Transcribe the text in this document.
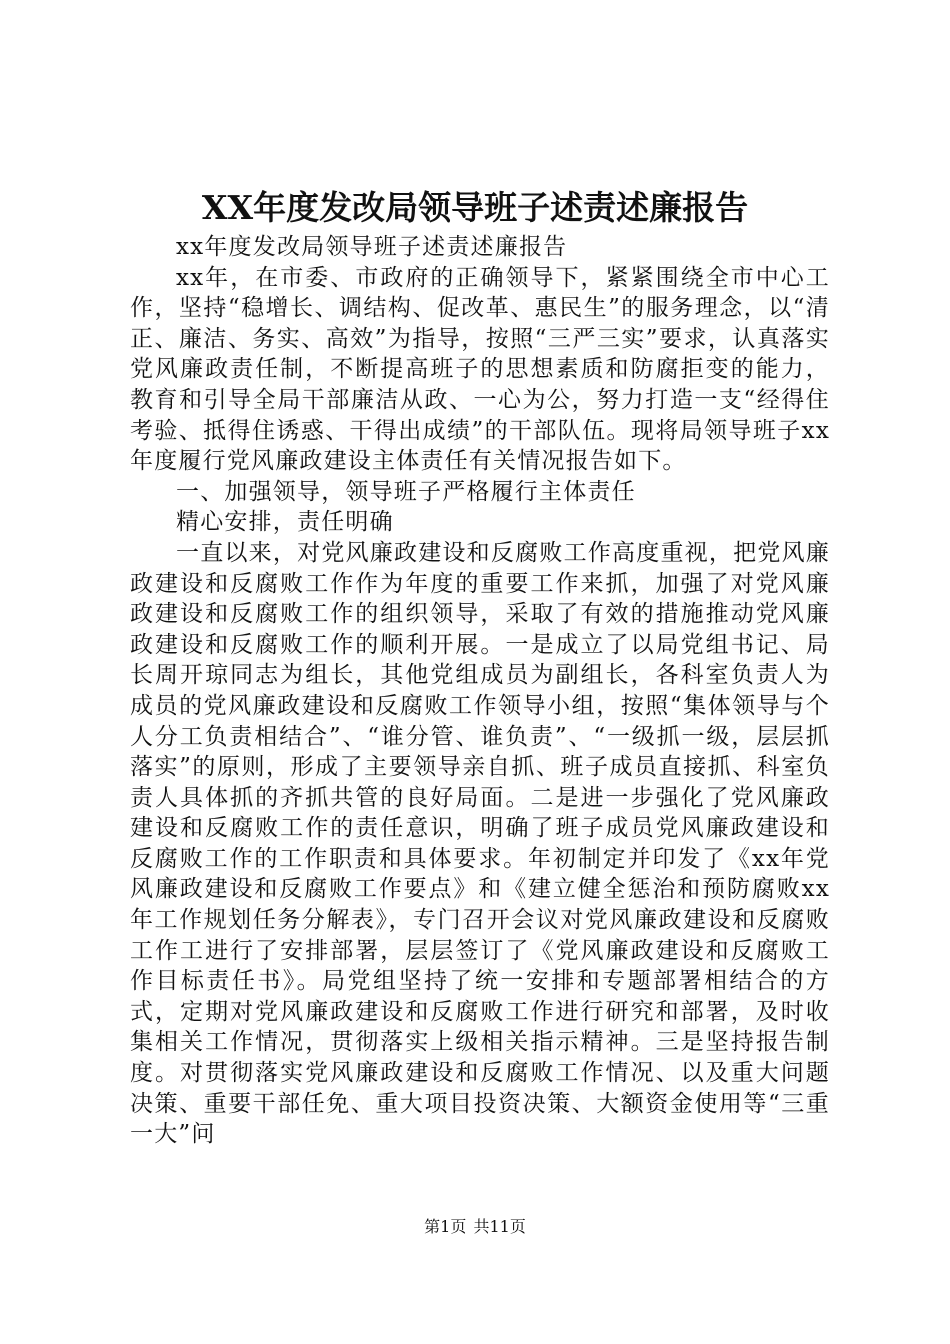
XX年度发改局领导班子述责述廉报告

xx年度发改局领导班子述责述廉报告

xx年，在市委、市政府的正确领导下，紧紧围绕全市中心工作，坚持“稳增长、调结构、促改革、惠民生”的服务理念，以“清正、廉洁、务实、高效”为指导，按照“三严三实”要求，认真落实党风廉政责任制，不断提高班子的思想素质和防腐拒变的能力，教育和引导全局干部廉洁从政、一心为公，努力打造一支“经得住考验、抵得住诱惑、干得出成绩”的干部队伍。现将局领导班子xx年度履行党风廉政建设主体责任有关情况报告如下。

一、加强领导，领导班子严格履行主体责任

精心安排，责任明确

一直以来，对党风廉政建设和反腐败工作高度重视，把党风廉政建设和反腐败工作作为年度的重要工作来抓，加强了对党风廉政建设和反腐败工作的组织领导，采取了有效的措施推动党风廉政建设和反腐败工作的顺利开展。一是成立了以局党组书记、局长周开琼同志为组长，其他党组成员为副组长，各科室负责人为成员的党风廉政建设和反腐败工作领导小组，按照“集体领导与个人分工负责相结合”、“谁分管、谁负责”、“一级抓一级，层层抓落实”的原则，形成了主要领导亲自抓、班子成员直接抓、科室负责人具体抓的齐抓共管的良好局面。二是进一步强化了党风廉政建设和反腐败工作的责任意识，明确了班子成员党风廉政建设和反腐败工作的工作职责和具体要求。年初制定并印发了《xx年党风廉政建设和反腐败工作要点》和《建立健全惩治和预防腐败xx年工作规划任务分解表》，专门召开会议对党风廉政建设和反腐败工作工进行了安排部署，层层签订了《党风廉政建设和反腐败工作目标责任书》。局党组坚持了统一安排和专题部署相结合的方式，定期对党风廉政建设和反腐败工作进行研究和部署，及时收集相关工作情况，贯彻落实上级相关指示精神。三是坚持报告制度。对贯彻落实党风廉政建设和反腐败工作情况、以及重大问题决策、重要干部任免、重大项目投资决策、大额资金使用等“三重一大”问

第1页 共11页
